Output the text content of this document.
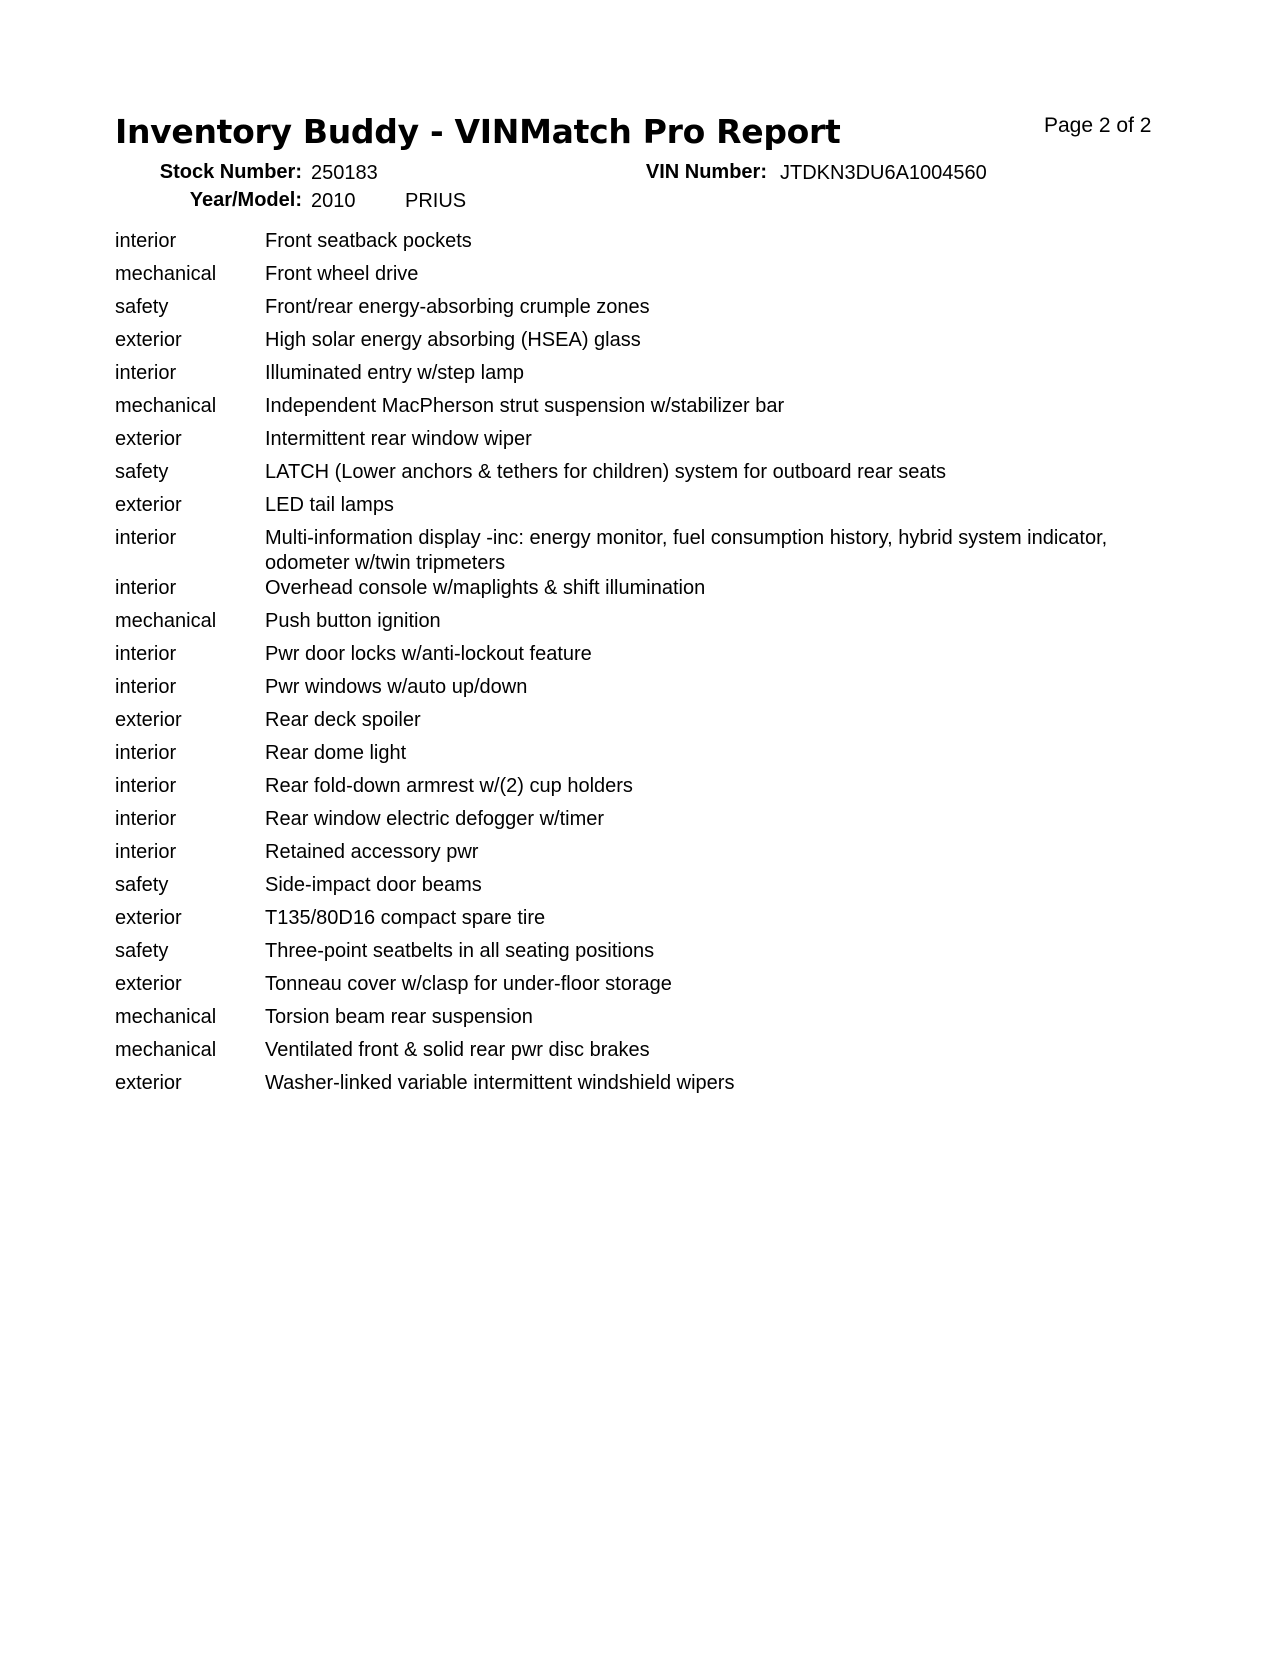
Inventory Buddy - VINMatch Pro Report	Page 2 of 2
Stock Number: 250183	VIN Number: JTDKN3DU6A1004560
Year/Model: 2010 PRIUS
interior	Front seatback pockets
mechanical	Front wheel drive
safety	Front/rear energy-absorbing crumple zones
exterior	High solar energy absorbing (HSEA) glass
interior	Illuminated entry w/step lamp
mechanical	Independent MacPherson strut suspension w/stabilizer bar
exterior	Intermittent rear window wiper
safety	LATCH (Lower anchors & tethers for children) system for outboard rear seats
exterior	LED tail lamps
interior	Multi-information display -inc: energy monitor, fuel consumption history, hybrid system indicator, odometer w/twin tripmeters
interior	Overhead console w/maplights & shift illumination
mechanical	Push button ignition
interior	Pwr door locks w/anti-lockout feature
interior	Pwr windows w/auto up/down
exterior	Rear deck spoiler
interior	Rear dome light
interior	Rear fold-down armrest w/(2) cup holders
interior	Rear window electric defogger w/timer
interior	Retained accessory pwr
safety	Side-impact door beams
exterior	T135/80D16 compact spare tire
safety	Three-point seatbelts in all seating positions
exterior	Tonneau cover w/clasp for under-floor storage
mechanical	Torsion beam rear suspension
mechanical	Ventilated front & solid rear pwr disc brakes
exterior	Washer-linked variable intermittent windshield wipers
